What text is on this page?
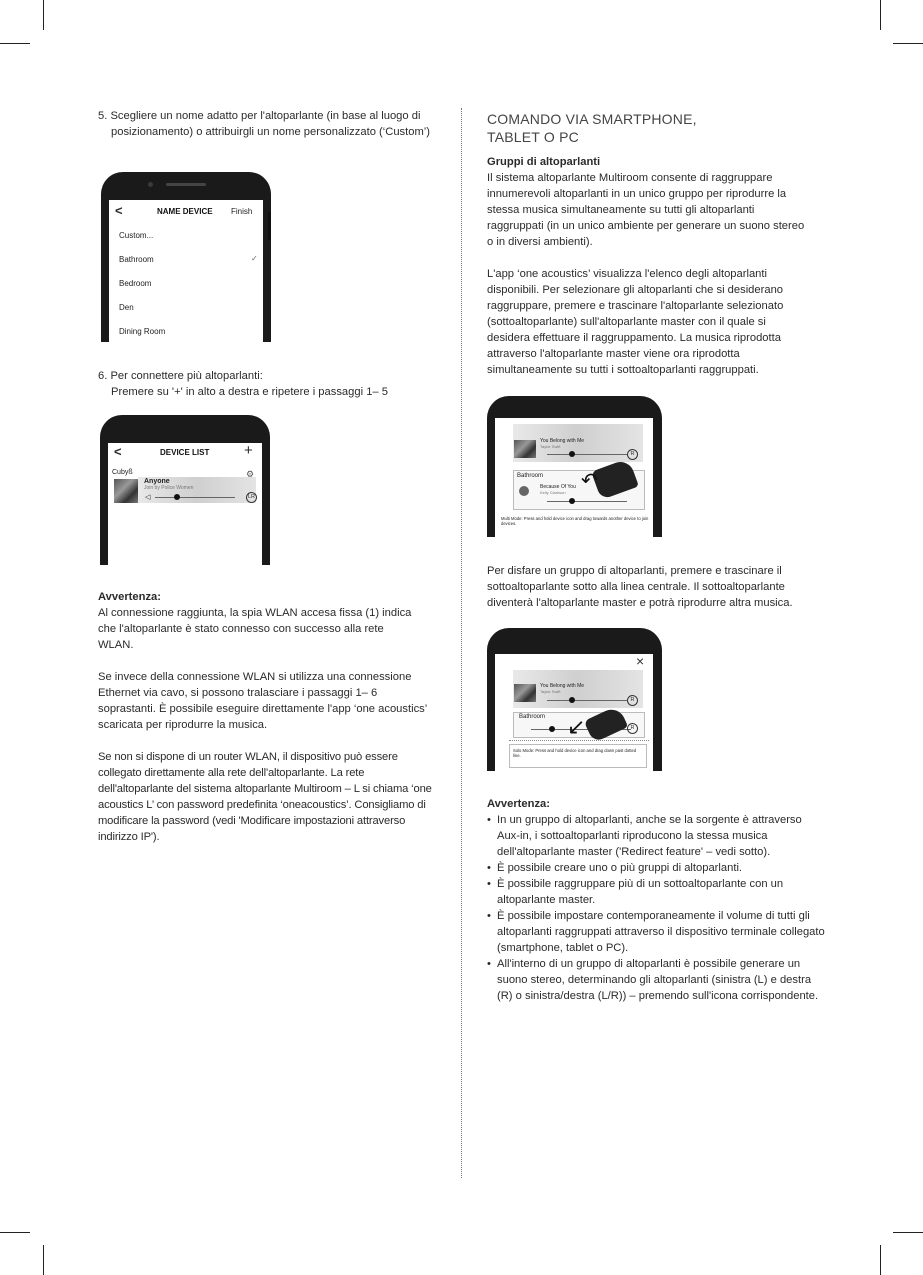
5. Scegliere un nome adatto per l'altoparlante (in base al luogo di posizionamento) o attribuirgli un nome personalizzato (‘Custom’)

<	NAME DEVICE Finish
Custom...
Bathroom	✓
Bedroom
Den
Dining Room

6. Per connettere più altoparlanti:

Premere su '+' in alto a destra e ripetere i passaggi 1– 5

<	DEVICE LIST +
Cubyß
Anyone
Join by Police Women
◁	LR
⚙

Avvertenza:

Al connessione raggiunta, la spia WLAN accesa fissa (1) indica che l'altoparlante è stato connesso con successo alla rete WLAN.

Se invece della connessione WLAN si utilizza una connessione Ethernet via cavo, si possono tralasciare i passaggi 1– 6 soprastanti. È possibile eseguire direttamente l'app ‘one acoustics’ scaricata per riprodurre la musica.

Se non si dispone di un router WLAN, il dispositivo può essere collegato direttamente alla rete dell'altoparlante. La rete dell'altoparlante del sistema altoparlante Multiroom – L si chiama ‘one acoustics L’ con password predefinita ‘oneacoustics’. Consigliamo di modificare la password (vedi 'Modificare impostazioni attraverso indirizzo IP').

COMANDO VIA SMARTPHONE,
TABLET O PC

Gruppi di altoparlanti

Il sistema altoparlante Multiroom consente di raggruppare innumerevoli altoparlanti in un unico gruppo per riprodurre la stessa musica simultaneamente su tutti gli altoparlanti raggruppati (in un unico ambiente per generare un suono stereo o in diversi ambienti).

L'app ‘one acoustics’ visualizza l'elenco degli altoparlanti disponibili. Per selezionare gli altoparlanti che si desiderano raggruppare, premere e trascinare l'altoparlante selezionato (sottoaltoparlante) sull'altoparlante master con il quale si desidera effettuare il raggruppamento. La musica riprodotta attraverso l'altoparlante master viene ora riprodotta simultaneamente su tutti i sottoaltoparlanti raggruppati.

You Belong with Me
Taylor Swift
R
Bathroom
Because Of You
Kelly Clarkson
↶
Multi Mode: Press and hold device icon and drag towards another device to join devices.

Per disfare un gruppo di altoparlanti, premere e trascinare il sottoaltoparlante sotto alla linea centrale. Il sottoaltoparlante diventerà l'altoparlante master e potrà riprodurre altra musica.

×
You Belong with Me
Taylor Swift
R
Bathroom
R
↙
Solo Mode: Press and hold device icon and drag down past dotted line.

Avvertenza:

• In un gruppo di altoparlanti, anche se la sorgente è attraverso Aux-in, i sottoaltoparlanti riproducono la stessa musica dell'altoparlante master ('Redirect feature' – vedi sotto).
• È possibile creare uno o più gruppi di altoparlanti.
• È possibile raggruppare più di un sottoaltoparlante con un altoparlante master.
• È possibile impostare contemporaneamente il volume di tutti gli altoparlanti raggruppati attraverso il dispositivo terminale collegato (smartphone, tablet o PC).
• All'interno di un gruppo di altoparlanti è possibile generare un suono stereo, determinando gli altoparlanti (sinistra (L) e destra (R) o sinistra/destra (L/R)) – premendo sull'icona corrispondente.
